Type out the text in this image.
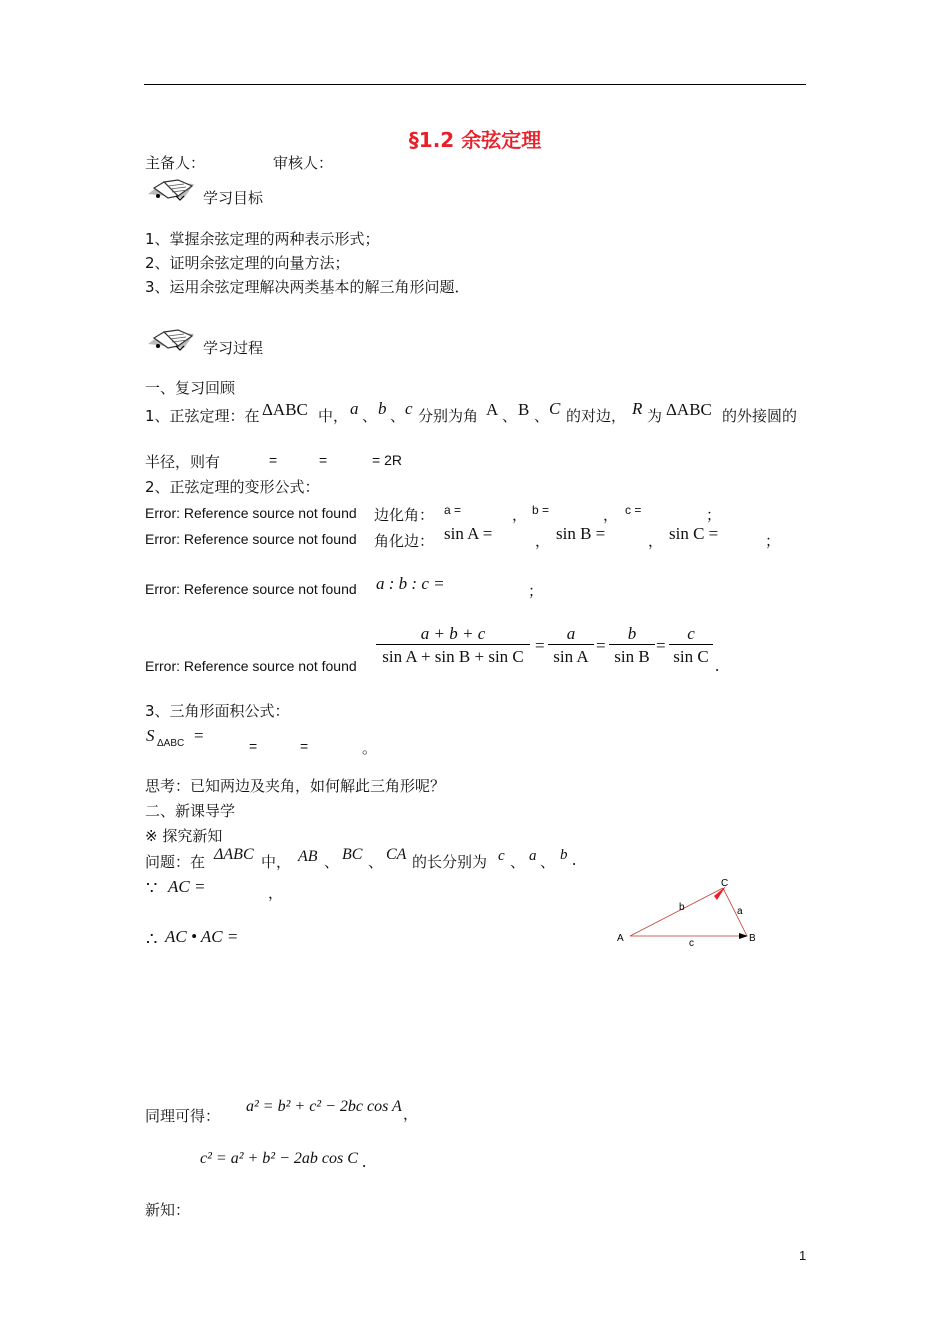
§1.2 余弦定理
主备人：	审核人：
学习目标
1、掌握余弦定理的两种表示形式；
2、证明余弦定理的向量方法；
3、运用余弦定理解决两类基本的解三角形问题．
学习过程
一、复习回顾
1、正弦定理：在 ΔABC 中， a 、 b 、 c 分别为角 A 、 B 、 C 的对边， R 为 ΔABC 的外接圆的
半径，则有	=	=	= 2R
2、正弦定理的变形公式：
Error: Reference source not found 边化角： a =	， b =	， c =	；
Error: Reference source not found 角化边： sin A =	， sin B =	， sin C =	；
Error: Reference source not found a : b : c =	；
Error: Reference source not found $\frac{a + b + c}{\text{sin A + sin B + sin C}} = \frac{a}{\text{sin A}} = \frac{b}{\text{sin B}} = \frac{c}{\text{sin C}}$ .
3、三角形面积公式：
S ΔABC =
=	=	。
思考：已知两边及夹角，如何解此三角形呢？
二、新课导学
※ 探究新知
问题：在 ΔABC 中， AB 、 BC 、 CA 的长分别为 c 、 a 、 b .
∵ AC =	，
∴ AC • AC =	A	B
C
a
b
c
同理可得：
a² = b² + c² − 2bc cos A ，
c² = a² + b² − 2ab cos C .
新知：
1
